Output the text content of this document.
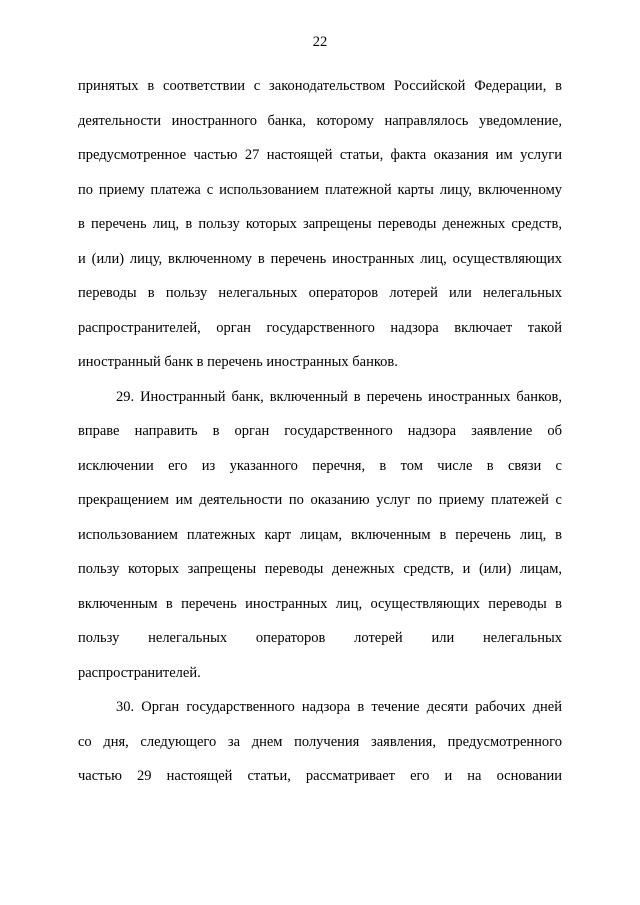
22
принятых в соответствии с законодательством Российской Федерации, в
деятельности иностранного банка, которому направлялось уведомление,
предусмотренное частью 27 настоящей статьи, факта оказания им услуги
по приему платежа с использованием платежной карты лицу, включенному
в перечень лиц, в пользу которых запрещены переводы денежных средств,
и (или) лицу, включенному в перечень иностранных лиц, осуществляющих
переводы в пользу нелегальных операторов лотерей или нелегальных
распространителей, орган государственного надзора включает такой
иностранный банк в перечень иностранных банков.
29. Иностранный банк, включенный в перечень иностранных банков,
вправе направить в орган государственного надзора заявление об
исключении его из указанного перечня, в том числе в связи с
прекращением им деятельности по оказанию услуг по приему платежей с
использованием платежных карт лицам, включенным в перечень лиц, в
пользу которых запрещены переводы денежных средств, и (или) лицам,
включенным в перечень иностранных лиц, осуществляющих переводы в
пользу нелегальных операторов лотерей или нелегальных
распространителей.
30. Орган государственного надзора в течение десяти рабочих дней
со дня, следующего за днем получения заявления, предусмотренного
частью 29 настоящей статьи, рассматривает его и на основании
